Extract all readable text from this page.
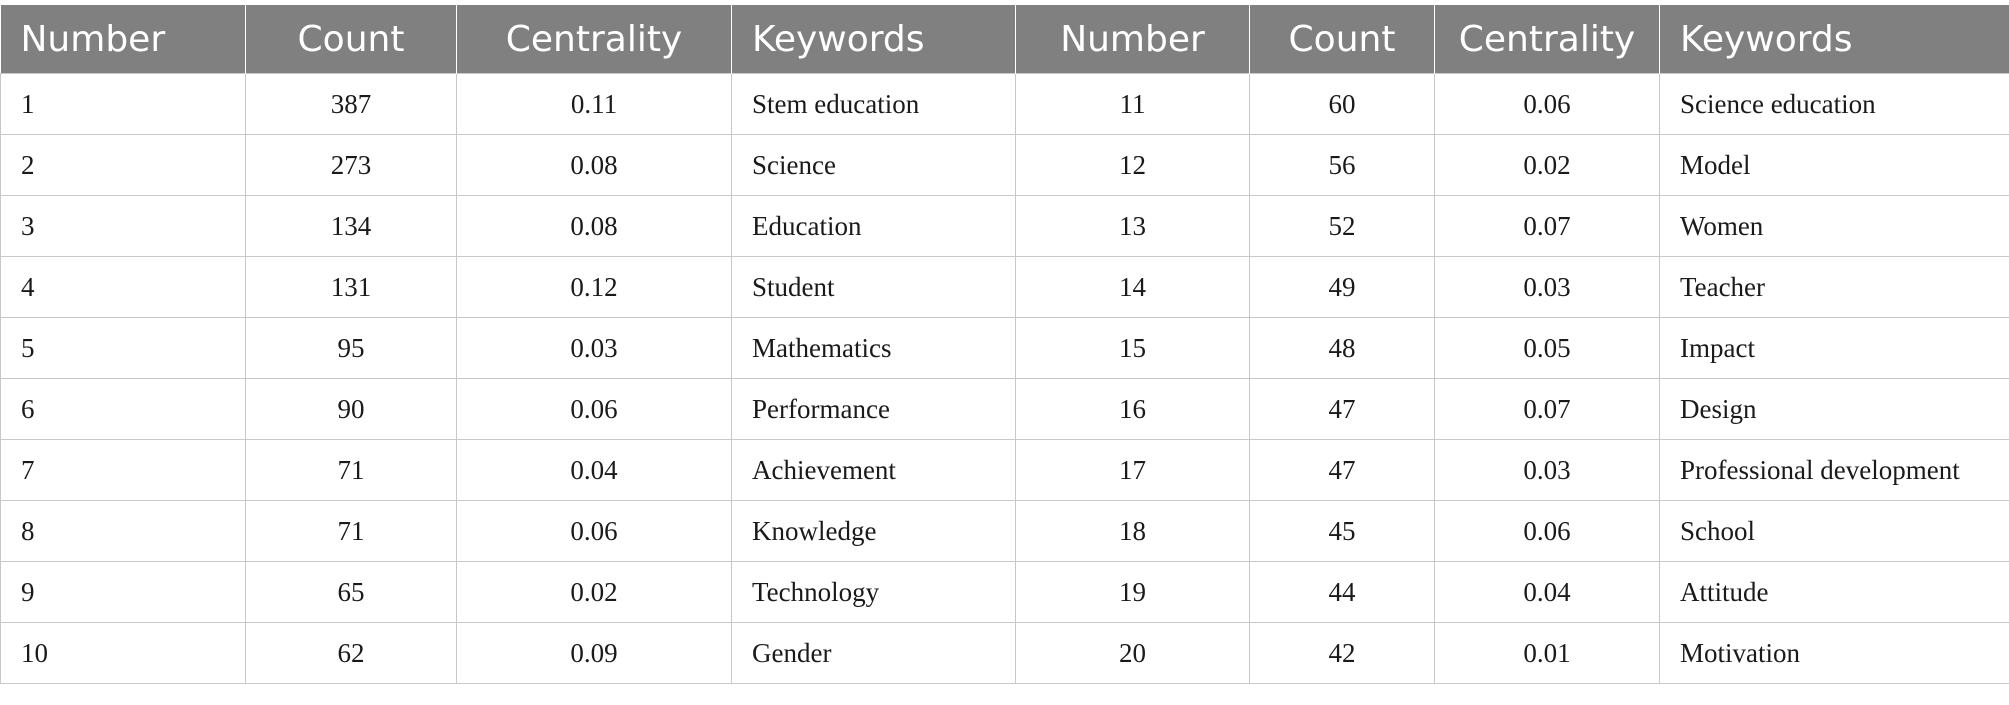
Number	Count	Centrality	Keywords	Number	Count	Centrality	Keywords
1	387	0.11	Stem education	11	60	0.06	Science education
2	273	0.08	Science	12	56	0.02	Model
3	134	0.08	Education	13	52	0.07	Women
4	131	0.12	Student	14	49	0.03	Teacher
5	95	0.03	Mathematics	15	48	0.05	Impact
6	90	0.06	Performance	16	47	0.07	Design
7	71	0.04	Achievement	17	47	0.03	Professional development
8	71	0.06	Knowledge	18	45	0.06	School
9	65	0.02	Technology	19	44	0.04	Attitude
10	62	0.09	Gender	20	42	0.01	Motivation
